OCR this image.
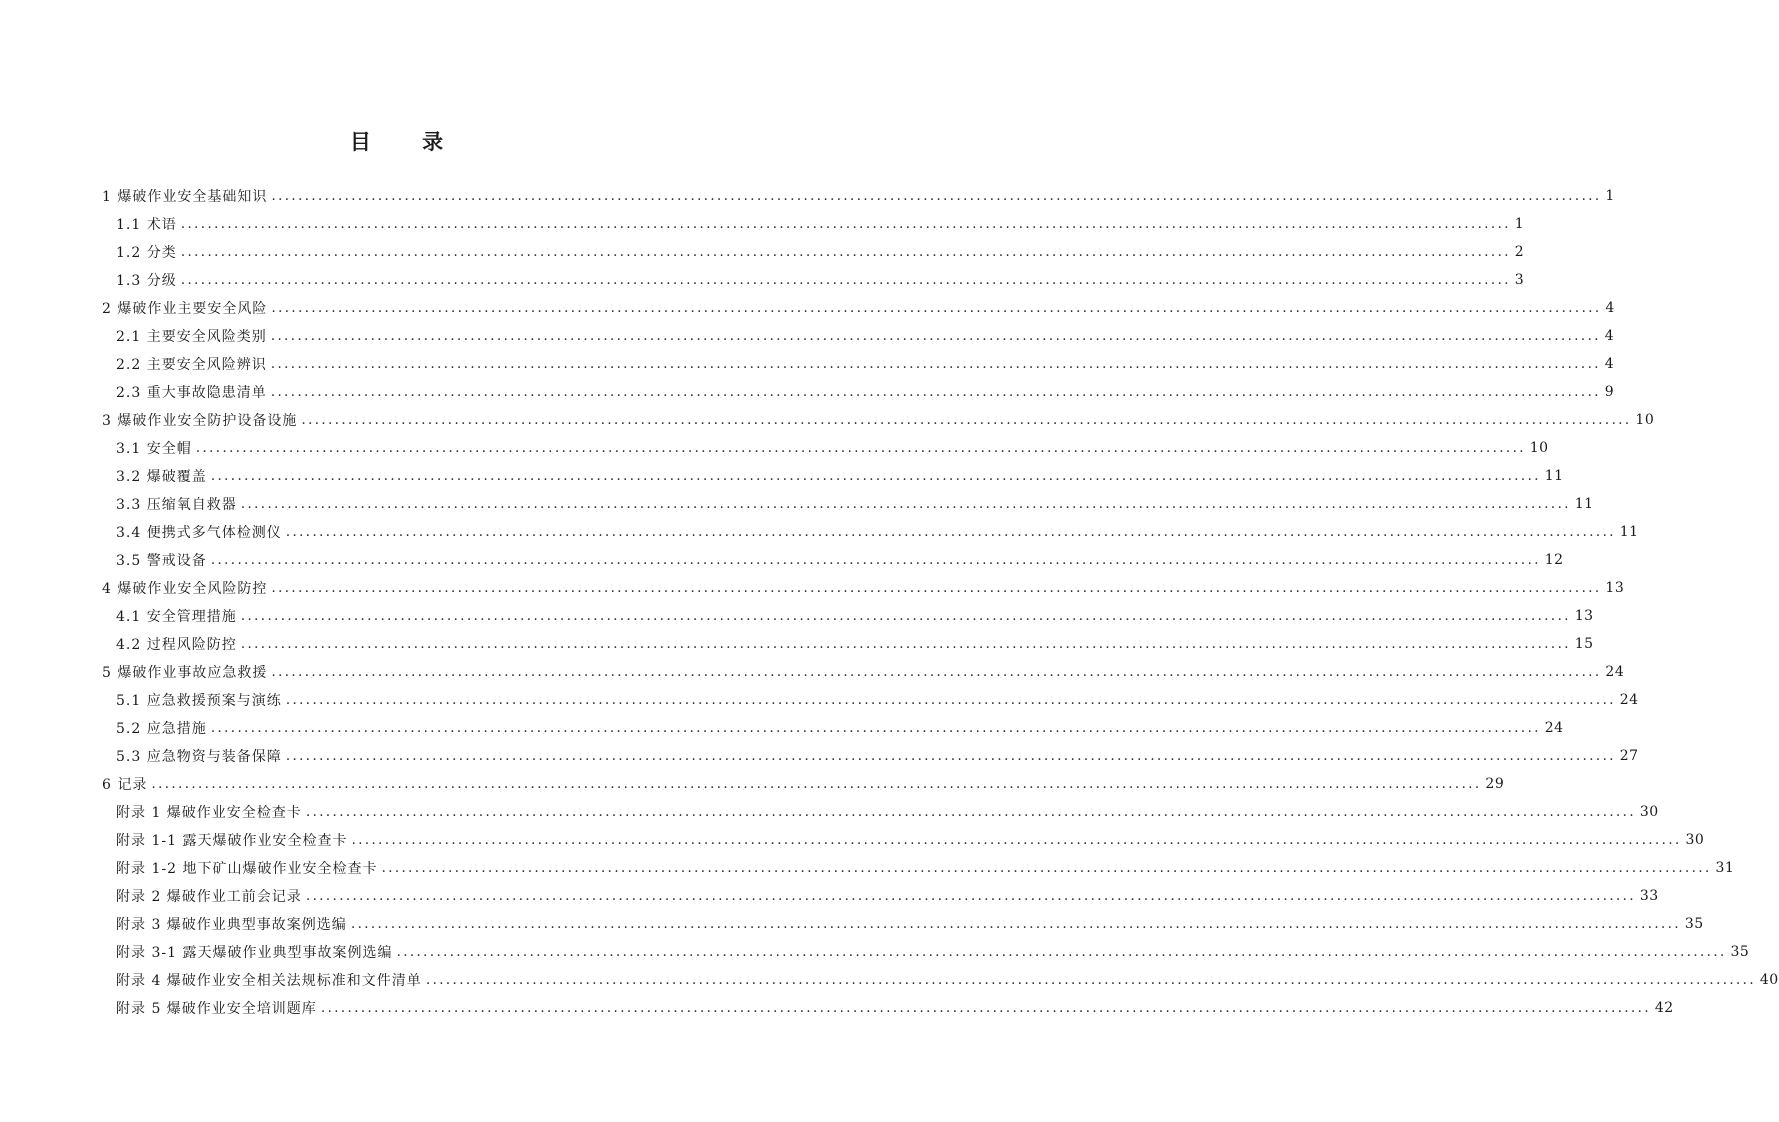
目 录
1 爆破作业安全基础知识 ........................................................................................................................................................................................................ 1
1.1 术语 ........................................................................................................................................................................................................ 1
1.2 分类 ........................................................................................................................................................................................................ 2
1.3 分级 ........................................................................................................................................................................................................ 3
2 爆破作业主要安全风险 ........................................................................................................................................................................................................ 4
2.1 主要安全风险类别 ........................................................................................................................................................................................................ 4
2.2 主要安全风险辨识 ........................................................................................................................................................................................................ 4
2.3 重大事故隐患清单 ........................................................................................................................................................................................................ 9
3 爆破作业安全防护设备设施 ........................................................................................................................................................................................................ 10
3.1 安全帽 ........................................................................................................................................................................................................ 10
3.2 爆破覆盖 ........................................................................................................................................................................................................ 11
3.3 压缩氧自救器 ........................................................................................................................................................................................................ 11
3.4 便携式多气体检测仪 ........................................................................................................................................................................................................ 11
3.5 警戒设备 ........................................................................................................................................................................................................ 12
4 爆破作业安全风险防控 ........................................................................................................................................................................................................ 13
4.1 安全管理措施 ........................................................................................................................................................................................................ 13
4.2 过程风险防控 ........................................................................................................................................................................................................ 15
5 爆破作业事故应急救援 ........................................................................................................................................................................................................ 24
5.1 应急救援预案与演练 ........................................................................................................................................................................................................ 24
5.2 应急措施 ........................................................................................................................................................................................................ 24
5.3 应急物资与装备保障 ........................................................................................................................................................................................................ 27
6 记录 ........................................................................................................................................................................................................ 29
附录 1 爆破作业安全检查卡 ........................................................................................................................................................................................................ 30
附录 1-1 露天爆破作业安全检查卡 ........................................................................................................................................................................................................ 30
附录 1-2 地下矿山爆破作业安全检查卡 ........................................................................................................................................................................................................ 31
附录 2 爆破作业工前会记录 ........................................................................................................................................................................................................ 33
附录 3 爆破作业典型事故案例选编 ........................................................................................................................................................................................................ 35
附录 3-1 露天爆破作业典型事故案例选编 ........................................................................................................................................................................................................ 35
附录 4 爆破作业安全相关法规标准和文件清单 ........................................................................................................................................................................................................ 40
附录 5 爆破作业安全培训题库 ........................................................................................................................................................................................................ 42
